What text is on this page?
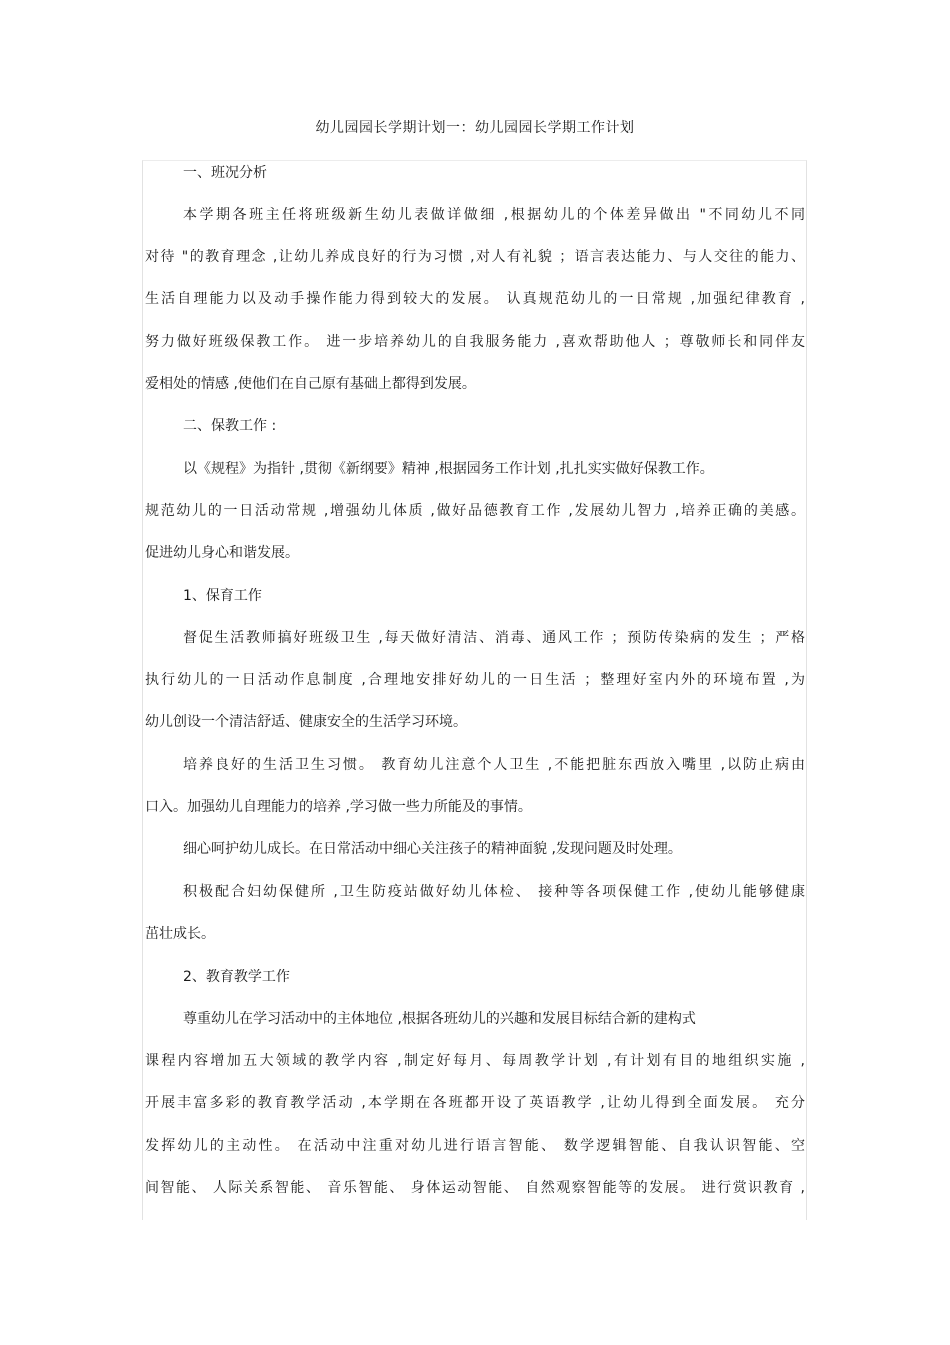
幼儿园园长学期计划一：幼儿园园长学期工作计划
一、班况分析
本学期各班主任将班级新生幼儿表做详做细 ,根据幼儿的个体差异做出 "不同幼儿不同
对待 "的教育理念 ,让幼儿养成良好的行为习惯 ,对人有礼貌 ；语言表达能力、与人交往的能力、
生活自理能力以及动手操作能力得到较大的发展。 认真规范幼儿的一日常规 ,加强纪律教育 ,
努力做好班级保教工作。 进一步培养幼儿的自我服务能力 ,喜欢帮助他人 ；尊敬师长和同伴友
爱相处的情感 ,使他们在自己原有基础上都得到发展。
二、保教工作 :
以《规程》为指针 ,贯彻《新纲要》精神 ,根据园务工作计划 ,扎扎实实做好保教工作。
规范幼儿的一日活动常规 ,增强幼儿体质 ,做好品德教育工作 ,发展幼儿智力 ,培养正确的美感。
促进幼儿身心和谐发展。
1、保育工作
督促生活教师搞好班级卫生 ,每天做好清洁、消毒、通风工作 ；预防传染病的发生 ；严格
执行幼儿的一日活动作息制度 ,合理地安排好幼儿的一日生活 ；整理好室内外的环境布置 ,为
幼儿创设一个清洁舒适、健康安全的生活学习环境。
培养良好的生活卫生习惯。 教育幼儿注意个人卫生 ,不能把脏东西放入嘴里 ,以防止病由
口入。加强幼儿自理能力的培养 ,学习做一些力所能及的事情。
细心呵护幼儿成长。在日常活动中细心关注孩子的精神面貌 ,发现问题及时处理。
积极配合妇幼保健所 ,卫生防疫站做好幼儿体检、 接种等各项保健工作 ,使幼儿能够健康
茁壮成长。
2、教育教学工作
尊重幼儿在学习活动中的主体地位 ,根据各班幼儿的兴趣和发展目标结合新的建构式
课程内容增加五大领域的教学内容 ,制定好每月、每周教学计划 ,有计划有目的地组织实施 ,
开展丰富多彩的教育教学活动 ,本学期在各班都开设了英语教学 ,让幼儿得到全面发展。 充分
发挥幼儿的主动性。 在活动中注重对幼儿进行语言智能、 数学逻辑智能、自我认识智能、空
间智能、 人际关系智能、 音乐智能、 身体运动智能、 自然观察智能等的发展。 进行赏识教育 ,
